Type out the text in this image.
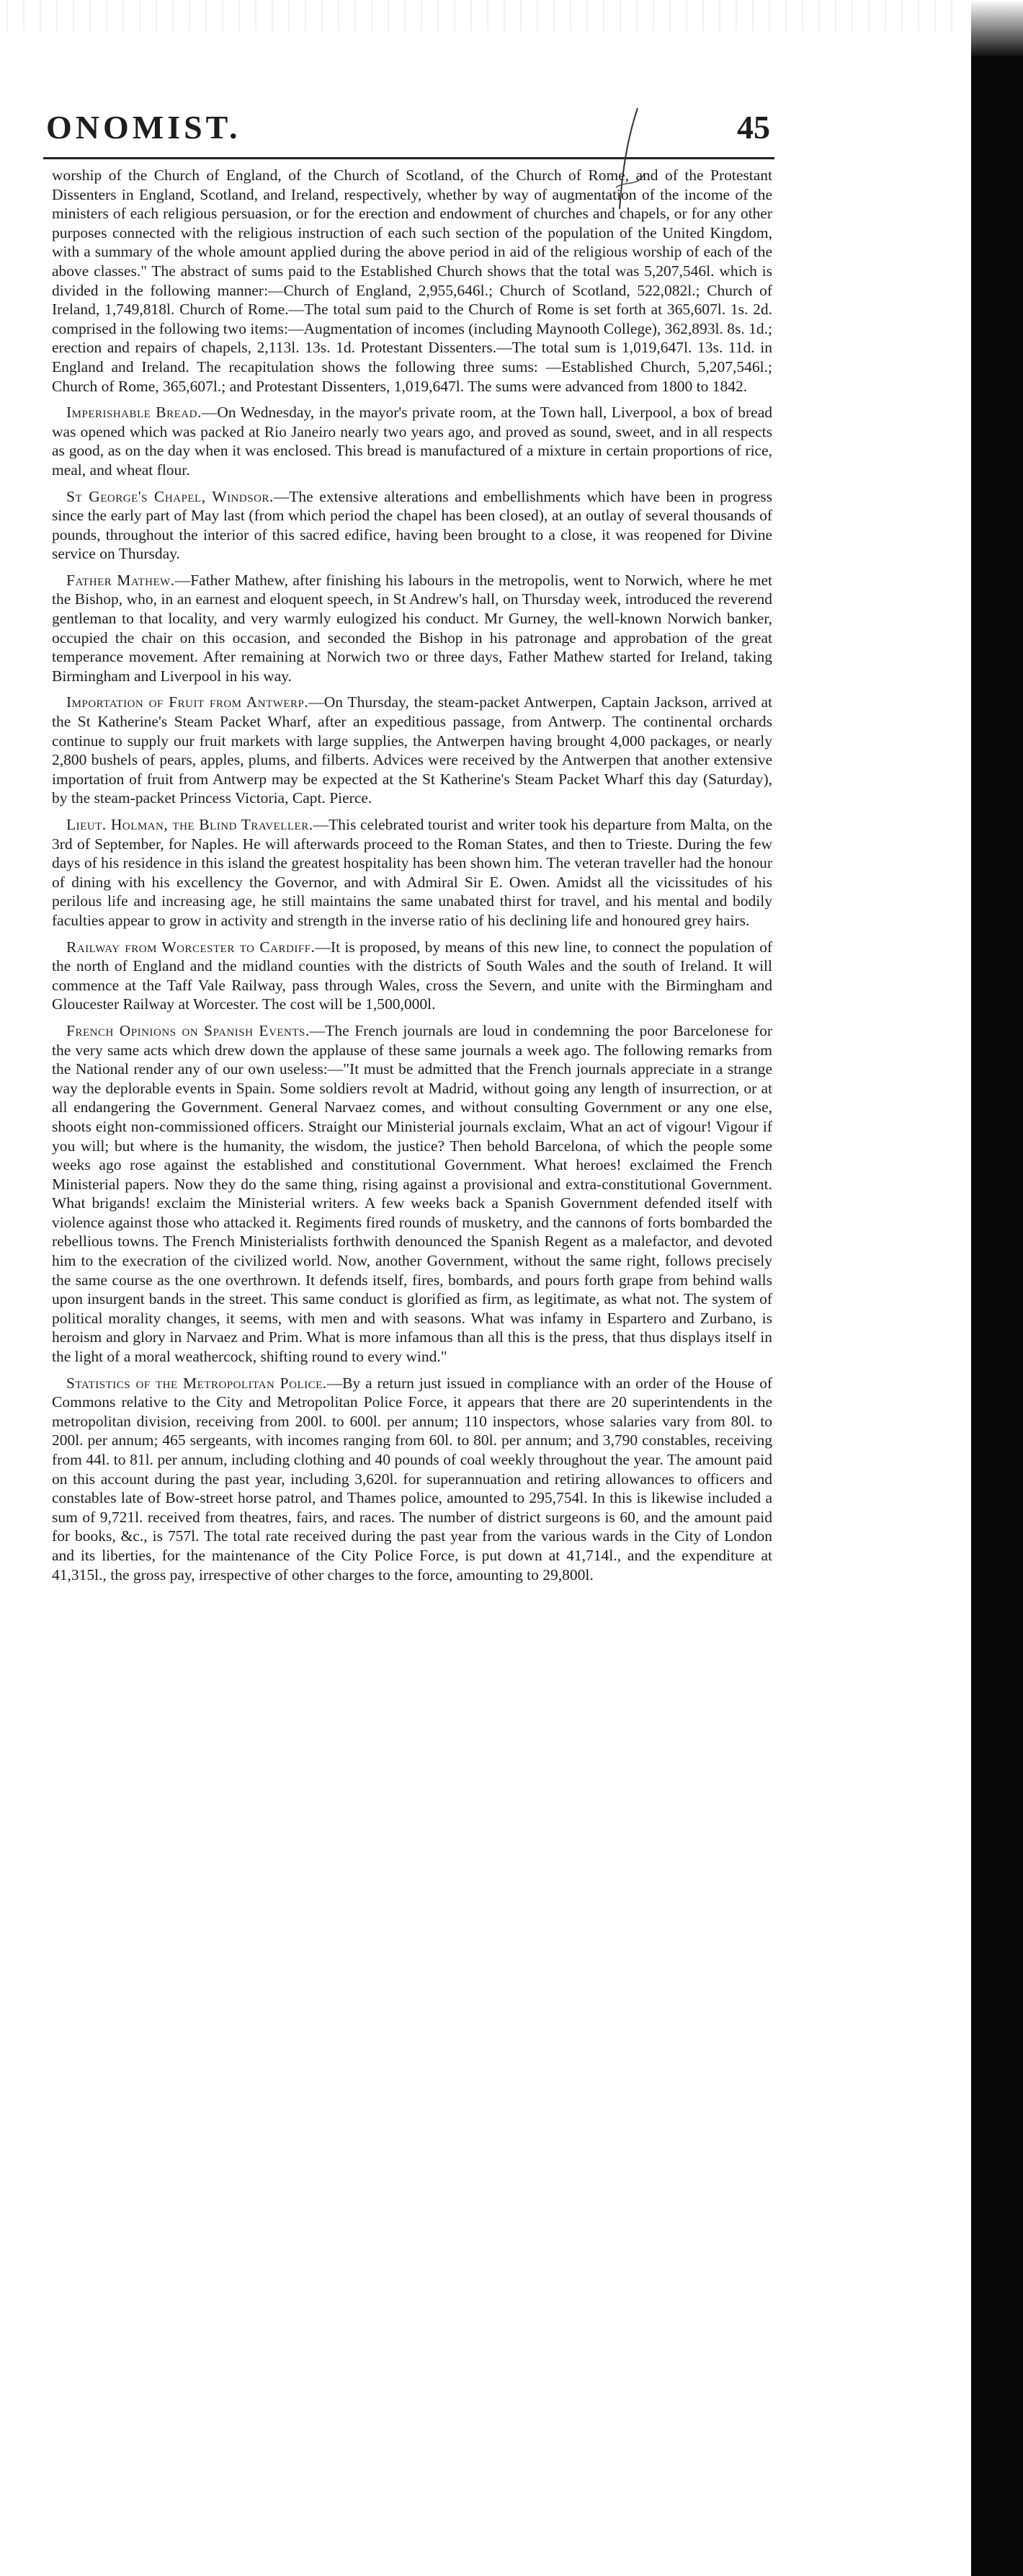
ONOMIST.	45

worship of the Church of England, of the Church of Scotland, of the Church of Rome, and of the Protestant Dissenters in England, Scotland, and Ireland, respectively, whether by way of augmentation of the income of the ministers of each religious persuasion, or for the erection and endowment of churches and chapels, or for any other purposes connected with the religious instruction of each such section of the population of the United Kingdom, with a summary of the whole amount applied during the above period in aid of the religious worship of each of the above classes." The abstract of sums paid to the Established Church shows that the total was 5,207,546l. which is divided in the following manner:—Church of England, 2,955,646l.; Church of Scotland, 522,082l.; Church of Ireland, 1,749,818l. Church of Rome.—The total sum paid to the Church of Rome is set forth at 365,607l. 1s. 2d. comprised in the following two items:—Augmentation of incomes (including Maynooth College), 362,893l. 8s. 1d.; erection and repairs of chapels, 2,113l. 13s. 1d. Protestant Dissenters.—The total sum is 1,019,647l. 13s. 11d. in England and Ireland. The recapitulation shows the following three sums: —Established Church, 5,207,546l.; Church of Rome, 365,607l.; and Protestant Dissenters, 1,019,647l. The sums were advanced from 1800 to 1842.

Imperishable Bread.—On Wednesday, in the mayor's private room, at the Town hall, Liverpool, a box of bread was opened which was packed at Rio Janeiro nearly two years ago, and proved as sound, sweet, and in all respects as good, as on the day when it was enclosed. This bread is manufactured of a mixture in certain proportions of rice, meal, and wheat flour.

St George's Chapel, Windsor.—The extensive alterations and embellishments which have been in progress since the early part of May last (from which period the chapel has been closed), at an outlay of several thousands of pounds, throughout the interior of this sacred edifice, having been brought to a close, it was reopened for Divine service on Thursday.

Father Mathew.—Father Mathew, after finishing his labours in the metropolis, went to Norwich, where he met the Bishop, who, in an earnest and eloquent speech, in St Andrew's hall, on Thursday week, introduced the reverend gentleman to that locality, and very warmly eulogized his conduct. Mr Gurney, the well-known Norwich banker, occupied the chair on this occasion, and seconded the Bishop in his patronage and approbation of the great temperance movement. After remaining at Norwich two or three days, Father Mathew started for Ireland, taking Birmingham and Liverpool in his way.

Importation of Fruit from Antwerp.—On Thursday, the steam-packet Antwerpen, Captain Jackson, arrived at the St Katherine's Steam Packet Wharf, after an expeditious passage, from Antwerp. The continental orchards continue to supply our fruit markets with large supplies, the Antwerpen having brought 4,000 packages, or nearly 2,800 bushels of pears, apples, plums, and filberts. Advices were received by the Antwerpen that another extensive importation of fruit from Antwerp may be expected at the St Katherine's Steam Packet Wharf this day (Saturday), by the steam-packet Princess Victoria, Capt. Pierce.

Lieut. Holman, the Blind Traveller.—This celebrated tourist and writer took his departure from Malta, on the 3rd of September, for Naples. He will afterwards proceed to the Roman States, and then to Trieste. During the few days of his residence in this island the greatest hospitality has been shown him. The veteran traveller had the honour of dining with his excellency the Governor, and with Admiral Sir E. Owen. Amidst all the vicissitudes of his perilous life and increasing age, he still maintains the same unabated thirst for travel, and his mental and bodily faculties appear to grow in activity and strength in the inverse ratio of his declining life and honoured grey hairs.

Railway from Worcester to Cardiff.—It is proposed, by means of this new line, to connect the population of the north of England and the midland counties with the districts of South Wales and the south of Ireland. It will commence at the Taff Vale Railway, pass through Wales, cross the Severn, and unite with the Birmingham and Gloucester Railway at Worcester. The cost will be 1,500,000l.

French Opinions on Spanish Events.—The French journals are loud in condemning the poor Barcelonese for the very same acts which drew down the applause of these same journals a week ago. The following remarks from the National render any of our own useless:—"It must be admitted that the French journals appreciate in a strange way the deplorable events in Spain. Some soldiers revolt at Madrid, without going any length of insurrection, or at all endangering the Government. General Narvaez comes, and without consulting Government or any one else, shoots eight non-commissioned officers. Straight our Ministerial journals exclaim, What an act of vigour! Vigour if you will; but where is the humanity, the wisdom, the justice? Then behold Barcelona, of which the people some weeks ago rose against the established and constitutional Government. What heroes! exclaimed the French Ministerial papers. Now they do the same thing, rising against a provisional and extra-constitutional Government. What brigands! exclaim the Ministerial writers. A few weeks back a Spanish Government defended itself with violence against those who attacked it. Regiments fired rounds of musketry, and the cannons of forts bombarded the rebellious towns. The French Ministerialists forthwith denounced the Spanish Regent as a malefactor, and devoted him to the execration of the civilized world. Now, another Government, without the same right, follows precisely the same course as the one overthrown. It defends itself, fires, bombards, and pours forth grape from behind walls upon insurgent bands in the street. This same conduct is glorified as firm, as legitimate, as what not. The system of political morality changes, it seems, with men and with seasons. What was infamy in Espartero and Zurbano, is heroism and glory in Narvaez and Prim. What is more infamous than all this is the press, that thus displays itself in the light of a moral weathercock, shifting round to every wind."

Statistics of the Metropolitan Police.—By a return just issued in compliance with an order of the House of Commons relative to the City and Metropolitan Police Force, it appears that there are 20 superintendents in the metropolitan division, receiving from 200l. to 600l. per annum; 110 inspectors, whose salaries vary from 80l. to 200l. per annum; 465 sergeants, with incomes ranging from 60l. to 80l. per annum; and 3,790 constables, receiving from 44l. to 81l. per annum, including clothing and 40 pounds of coal weekly throughout the year. The amount paid on this account during the past year, including 3,620l. for superannuation and retiring allowances to officers and constables late of Bow-street horse patrol, and Thames police, amounted to 295,754l. In this is likewise included a sum of 9,721l. received from theatres, fairs, and races. The number of district surgeons is 60, and the amount paid for books, &c., is 757l. The total rate received during the past year from the various wards in the City of London and its liberties, for the maintenance of the City Police Force, is put down at 41,714l., and the expenditure at 41,315l., the gross pay, irrespective of other charges to the force, amounting to 29,800l.
